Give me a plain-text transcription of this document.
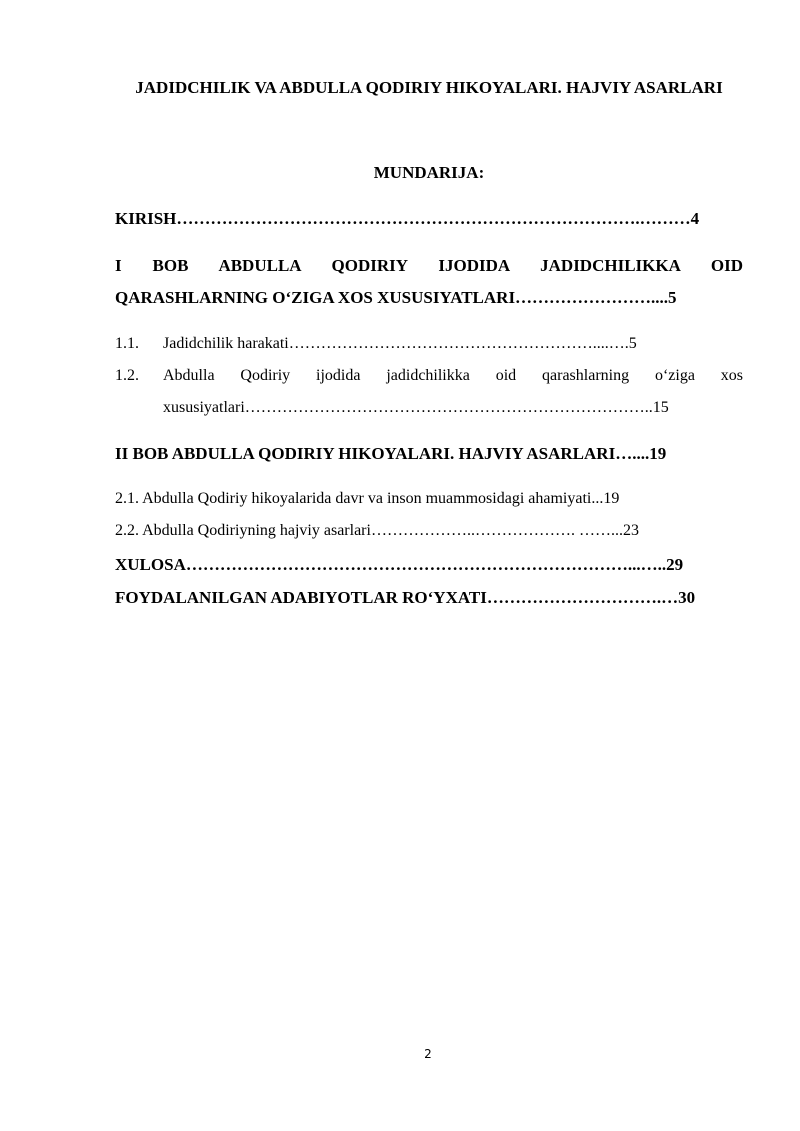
JADIDCHILIK VA ABDULLA QODIRIY HIKOYALARI. HAJVIY ASARLARI

MUNDARIJA:

KIRISH……………………………………………………………………….………4
I BOB ABDULLA QODIRIY IJODIDA JADIDCHILIKKA OID
QARASHLARNING O‘ZIGA XOS XUSUSIYATLARI……………………....5
1.1. Jadidchilik harakati…………………………………………………....….5
1.2. Abdulla Qodiriy ijodida jadidchilikka oid qarashlarning o‘ziga xos
xususiyatlari…………………………………………………………………..15
II BOB ABDULLA QODIRIY HIKOYALARI. HAJVIY ASARLARI…....19
2.1. Abdulla Qodiriy hikoyalarida davr va inson muammosidagi ahamiyati...19
2.2. Abdulla Qodiriyning hajviy asarlari………………..………………. ……...23
XULOSA……………………………………………………………………...…..29
FOYDALANILGAN ADABIYOTLAR RO‘YXATI………………………….…30
2
